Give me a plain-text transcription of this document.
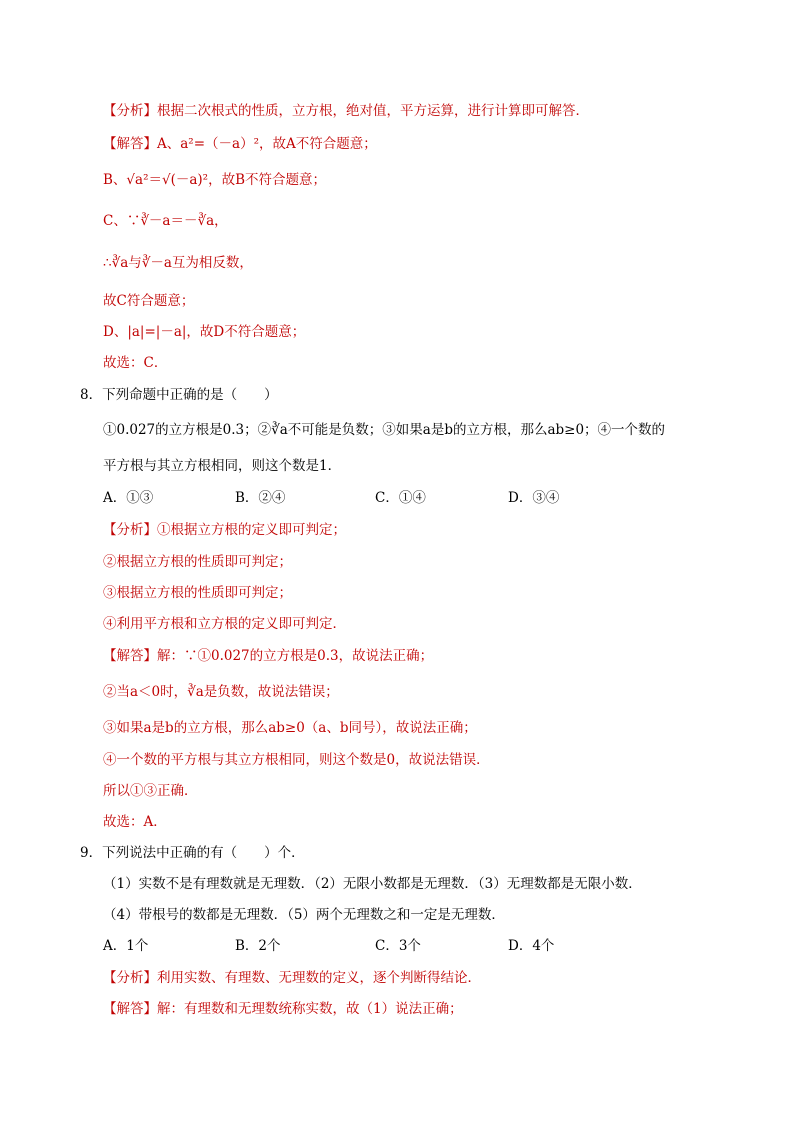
【分析】根据二次根式的性质，立方根，绝对值，平方运算，进行计算即可解答．
【解答】A、a²=（－a）²，故A不符合题意；
B、√a²＝√(－a)²，故B不符合题意；
C、∵∛－a＝－∛a，
∴∛a与∛－a互为相反数，
故C符合题意；
D、|a|=|－a|，故D不符合题意；
故选：C．
8．下列命题中正确的是（　　）
①0.027的立方根是0.3；②∛a不可能是负数；③如果a是b的立方根，那么ab≥0；④一个数的
平方根与其立方根相同，则这个数是1．
A．①③	B．②④	C．①④	D．③④
【分析】①根据立方根的定义即可判定；
②根据立方根的性质即可判定；
③根据立方根的性质即可判定；
④利用平方根和立方根的定义即可判定．
【解答】解：∵①0.027的立方根是0.3，故说法正确；
②当a＜0时，∛a是负数，故说法错误；
③如果a是b的立方根，那么ab≥0（a、b同号），故说法正确；
④一个数的平方根与其立方根相同，则这个数是0，故说法错误．
所以①③正确．
故选：A．
9．下列说法中正确的有（　　）个．
（1）实数不是有理数就是无理数．（2）无限小数都是无理数．（3）无理数都是无限小数．
（4）带根号的数都是无理数．（5）两个无理数之和一定是无理数．
A．1个	B．2个	C．3个	D．4个
【分析】利用实数、有理数、无理数的定义，逐个判断得结论．
【解答】解：有理数和无理数统称实数，故（1）说法正确；
